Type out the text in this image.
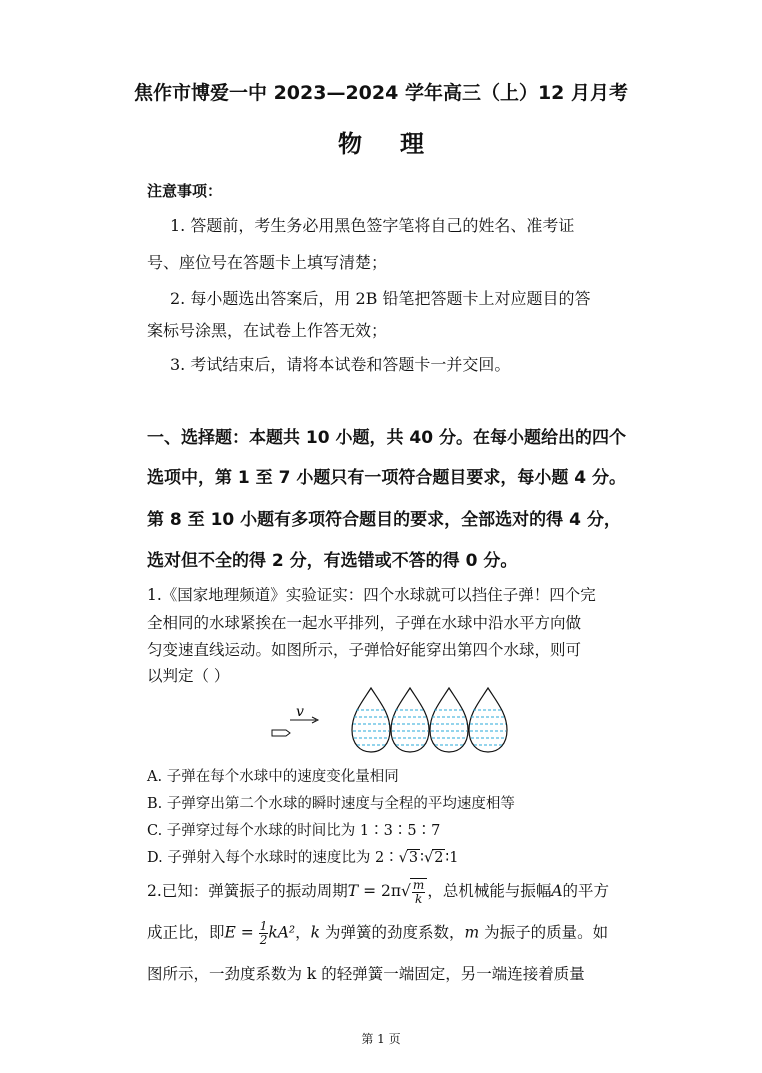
焦作市博爱一中 2023—2024 学年高三（上）12 月月考
物理
注意事项：
1. 答题前，考生务必用黑色签字笔将自己的姓名、准考证
号、座位号在答题卡上填写清楚；
2. 每小题选出答案后，用 2B 铅笔把答题卡上对应题目的答
案标号涂黑，在试卷上作答无效；
3. 考试结束后，请将本试卷和答题卡一并交回。
一、选择题：本题共 10 小题，共 40 分。在每小题给出的四个
选项中，第 1 至 7 小题只有一项符合题目要求，每小题 4 分。
第 8 至 10 小题有多项符合题目的要求，全部选对的得 4 分，
选对但不全的得 2 分，有选错或不答的得 0 分。
1.《国家地理频道》实验证实：四个水球就可以挡住子弹！四个完
全相同的水球紧挨在一起水平排列，子弹在水球中沿水平方向做
匀变速直线运动。如图所示，子弹恰好能穿出第四个水球，则可
以判定（ ）
v
A. 子弹在每个水球中的速度变化量相同
B. 子弹穿出第二个水球的瞬时速度与全程的平均速度相等
C. 子弹穿过每个水球的时间比为 1∶3∶5∶7
D. 子弹射入每个水球时的速度比为 2∶√3 ∶√2 ∶1
2.已知：弹簧振子的振动周期$T = 2\pi√ \frac{m}{k}$ ，总机械能与振幅A的平方
成正比，即$E = \frac{1}{2} kA^2$，k 为弹簧的劲度系数，m 为振子的质量。如
图所示，一劲度系数为 k 的轻弹簧一端固定，另一端连接着质量
第 1 页
